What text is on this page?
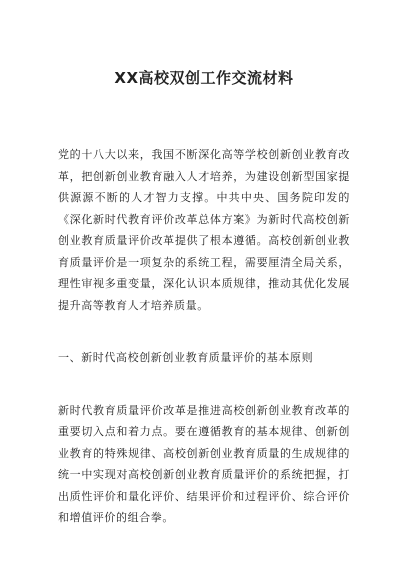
XX高校双创工作交流材料

党的十八大以来，我国不断深化高等学校创新创业教育改革，把创新创业教育融入人才培养，为建设创新型国家提供源源不断的人才智力支撑。中共中央、国务院印发的《深化新时代教育评价改革总体方案》为新时代高校创新创业教育质量评价改革提供了根本遵循。高校创新创业教育质量评价是一项复杂的系统工程，需要厘清全局关系，理性审视多重变量，深化认识本质规律，推动其优化发展提升高等教育人才培养质量。

一、新时代高校创新创业教育质量评价的基本原则

新时代教育质量评价改革是推进高校创新创业教育改革的重要切入点和着力点。要在遵循教育的基本规律、创新创业教育的特殊规律、高校创新创业教育质量的生成规律的统一中实现对高校创新创业教育质量评价的系统把握，打出质性评价和量化评价、结果评价和过程评价、综合评价和增值评价的组合拳。
